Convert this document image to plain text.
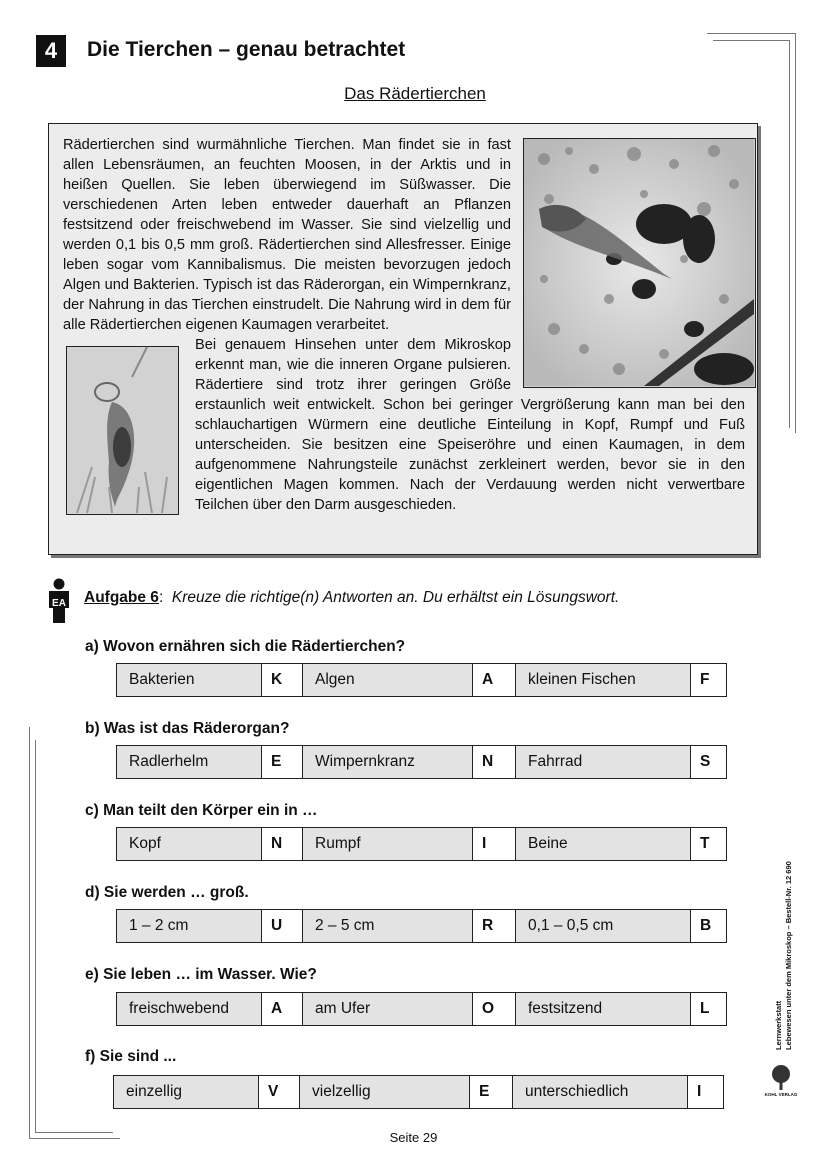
4	Die Tierchen – genau betrachtet
Das Rädertierchen

Rädertierchen sind wurmähnliche Tierchen. Man findet sie in fast allen Lebensräumen, an feuchten Moosen, in der Arktis und in heißen Quellen. Sie leben überwiegend im Süßwasser. Die verschiedenen Arten leben entweder dauerhaft an Pflanzen festsitzend oder freischwebend im Wasser. Sie sind vielzellig und werden 0,1 bis 0,5 mm groß. Rädertierchen sind Allesfresser. Einige leben sogar vom Kannibalismus. Die meisten bevorzugen jedoch Algen und Bakterien. Typisch ist das Räderorgan, ein Wimpernkranz, der Nahrung in das Tierchen einstrudelt. Die Nahrung wird in dem für alle Rädertierchen eigenen Kaumagen verarbeitet.

Bei genauem Hinsehen unter dem Mikroskop erkennt man, wie die inneren Organe pulsieren. Rädertiere sind trotz ihrer geringen Größe erstaunlich weit entwickelt. Schon bei geringer Vergrößerung kann man bei den schlauchartigen Würmern eine deutliche Einteilung in Kopf, Rumpf und Fuß unterscheiden. Sie besitzen eine Speiseröhre und einen Kaumagen, in dem aufgenommene Nahrungsteile zunächst zerkleinert werden, bevor sie in den eigentlichen Magen kommen. Nach der Verdauung werden nicht verwertbare Teilchen über den Darm ausgeschieden.

EA Aufgabe 6: Kreuze die richtige(n) Antworten an. Du erhältst ein Lösungswort.
a) Wovon ernähren sich die Rädertierchen?
Bakterien	K	Algen	A	kleinen Fischen	F
b) Was ist das Räderorgan?
Radlerhelm	E	Wimpernkranz	N	Fahrrad	S
c) Man teilt den Körper ein in …
Kopf	N	Rumpf	I	Beine	T
d) Sie werden … groß.
1 – 2 cm	U	2 – 5 cm	R	0,1 – 0,5 cm	B
e) Sie leben … im Wasser. Wie?
freischwebend	A	am Ufer	O	festsitzend	L
f) Sie sind ...
einzellig	V	vielzellig	E	unterschiedlich	I
Lernwerkstatt Lebewesen unter dem Mikroskop – Bestell-Nr. 12 690
KOHL VERLAG
Seite 29
